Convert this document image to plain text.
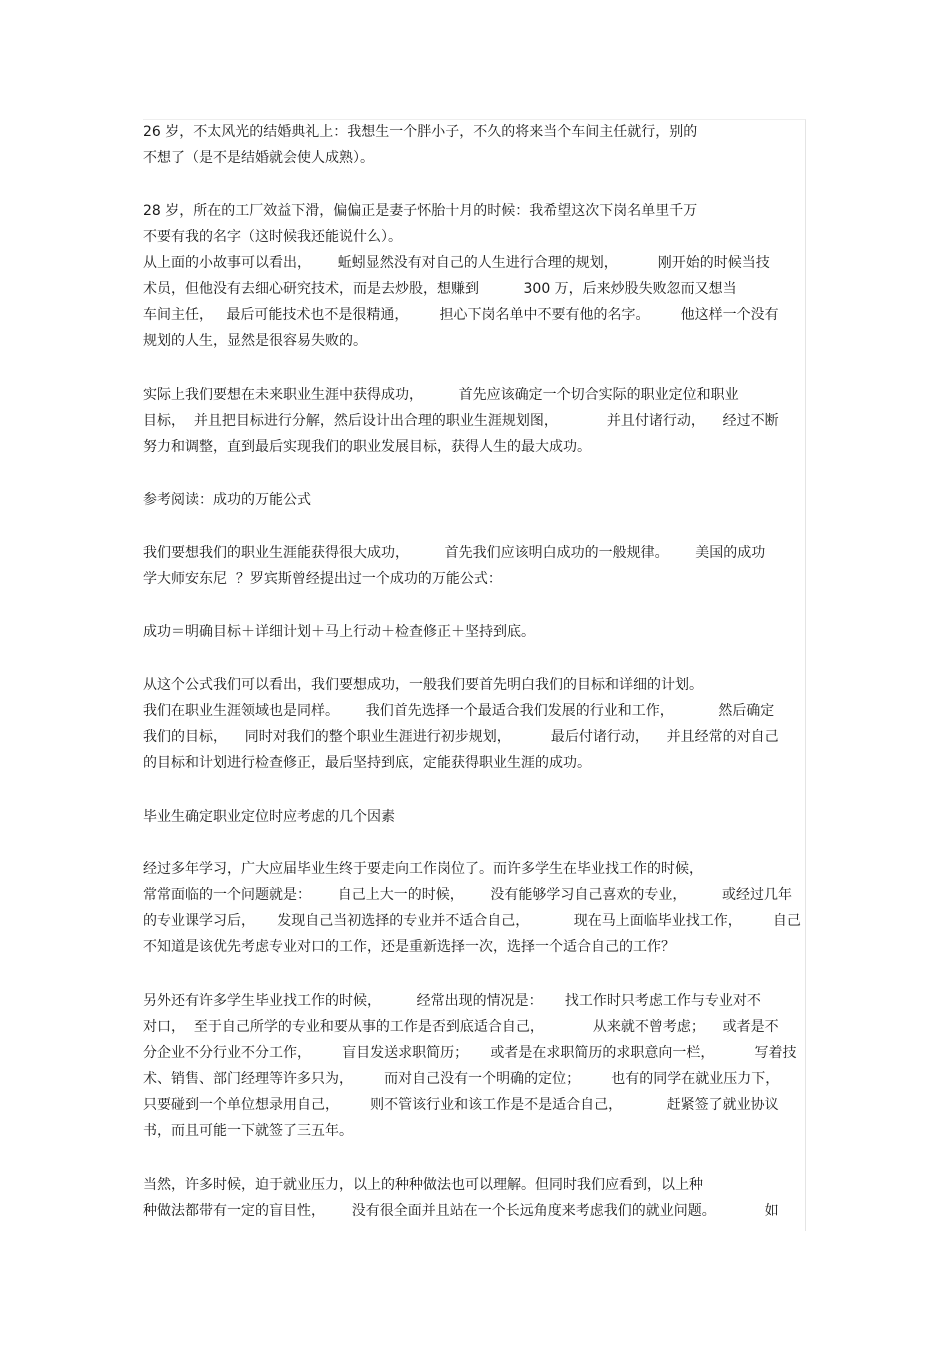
26 岁，不太风光的结婚典礼上：我想生一个胖小子，不久的将来当个车间主任就行，别的
不想了（是不是结婚就会使人成熟）。
28 岁，所在的工厂效益下滑，偏偏正是妻子怀胎十月的时候：我希望这次下岗名单里千万
不要有我的名字（这时候我还能说什么）。
从上面的小故事可以看出，      蚯蚓显然没有对自己的人生进行合理的规划，         刚开始的时候当技
术员，但他没有去细心研究技术，而是去炒股，想赚到          300 万，后来炒股失败忽而又想当
车间主任，   最后可能技术也不是很精通，       担心下岗名单中不要有他的名字。       他这样一个没有
规划的人生，显然是很容易失败的。
实际上我们要想在未来职业生涯中获得成功，        首先应该确定一个切合实际的职业定位和职业
目标，  并且把目标进行分解，然后设计出合理的职业生涯规划图，           并且付诸行动，    经过不断
努力和调整，直到最后实现我们的职业发展目标，获得人生的最大成功。
参考阅读：成功的万能公式
我们要想我们的职业生涯能获得很大成功，        首先我们应该明白成功的一般规律。      美国的成功
学大师安东尼  ？罗宾斯曾经提出过一个成功的万能公式：
成功＝明确目标＋详细计划＋马上行动＋检查修正＋坚持到底。
从这个公式我们可以看出，我们要想成功，一般我们要首先明白我们的目标和详细的计划。
我们在职业生涯领域也是同样。      我们首先选择一个最适合我们发展的行业和工作，          然后确定
我们的目标，    同时对我们的整个职业生涯进行初步规划，         最后付诸行动，    并且经常的对自己
的目标和计划进行检查修正，最后坚持到底，定能获得职业生涯的成功。
毕业生确定职业定位时应考虑的几个因素
经过多年学习，广大应届毕业生终于要走向工作岗位了。而许多学生在毕业找工作的时候，
常常面临的一个问题就是：      自己上大一的时候，      没有能够学习自己喜欢的专业，        或经过几年
的专业课学习后，     发现自己当初选择的专业并不适合自己，          现在马上面临毕业找工作，       自己
不知道是该优先考虑专业对口的工作，还是重新选择一次，选择一个适合自己的工作？
另外还有许多学生毕业找工作的时候，        经常出现的情况是：     找工作时只考虑工作与专业对不
对口，  至于自己所学的专业和要从事的工作是否到底适合自己，           从来就不曾考虑；    或者是不
分企业不分行业不分工作，       盲目发送求职简历；     或者是在求职简历的求职意向一栏，         写着技
术、销售、部门经理等许多只为，       而对自己没有一个明确的定位；       也有的同学在就业压力下，
只要碰到一个单位想录用自己，       则不管该行业和该工作是不是适合自己，          赶紧签了就业协议
书，而且可能一下就签了三五年。
当然，许多时候，迫于就业压力，以上的种种做法也可以理解。但同时我们应看到，以上种
种做法都带有一定的盲目性，      没有很全面并且站在一个长远角度来考虑我们的就业问题。           如
